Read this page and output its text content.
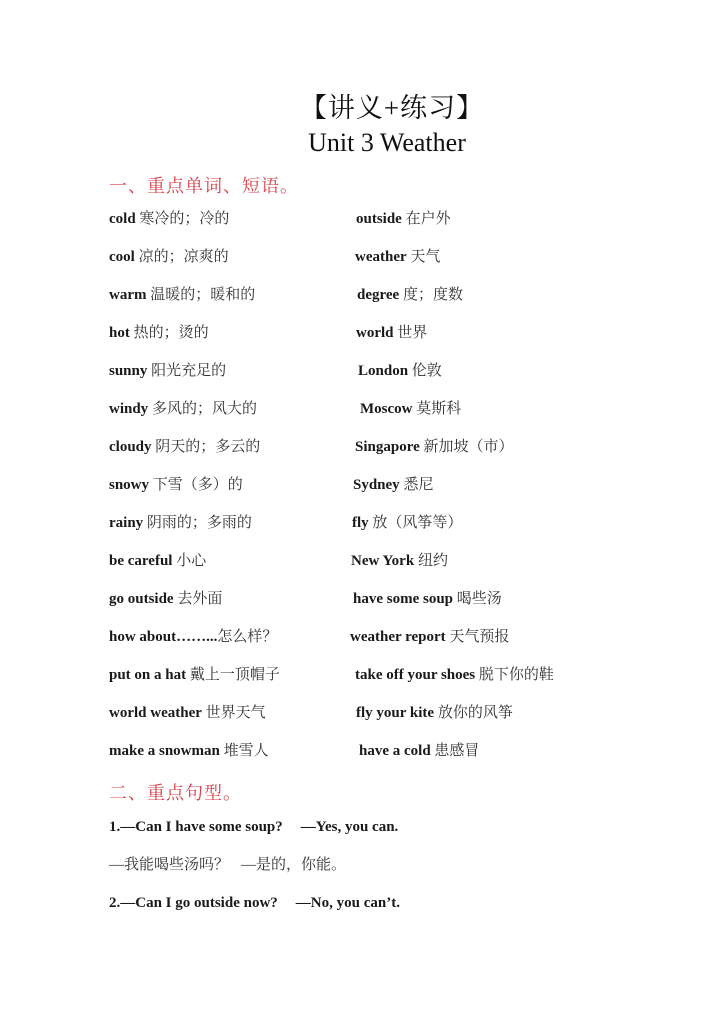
【讲义+练习】
Unit 3 Weather
一、重点单词、短语。
cold 寒冷的；冷的
cool 凉的；凉爽的
warm 温暖的；暖和的
hot 热的；烫的
sunny 阳光充足的
windy 多风的；风大的
cloudy 阴天的；多云的
snowy 下雪（多）的
rainy 阴雨的；多雨的
be careful 小心
go outside 去外面
how about……...怎么样？
put on a hat 戴上一顶帽子
world weather 世界天气
make a snowman 堆雪人
outside 在户外
weather 天气
degree 度；度数
world 世界
London 伦敦
Moscow 莫斯科
Singapore 新加坡（市）
Sydney 悉尼
fly 放（风筝等）
New York 纽约
have some soup 喝些汤
weather report 天气预报
take off your shoes 脱下你的鞋
fly your kite 放你的风筝
have a cold 患感冒
二、重点句型。
1.—Can I have some soup? —Yes, you can.
—我能喝些汤吗？ —是的，你能。
2.—Can I go outside now? —No, you can’t.
